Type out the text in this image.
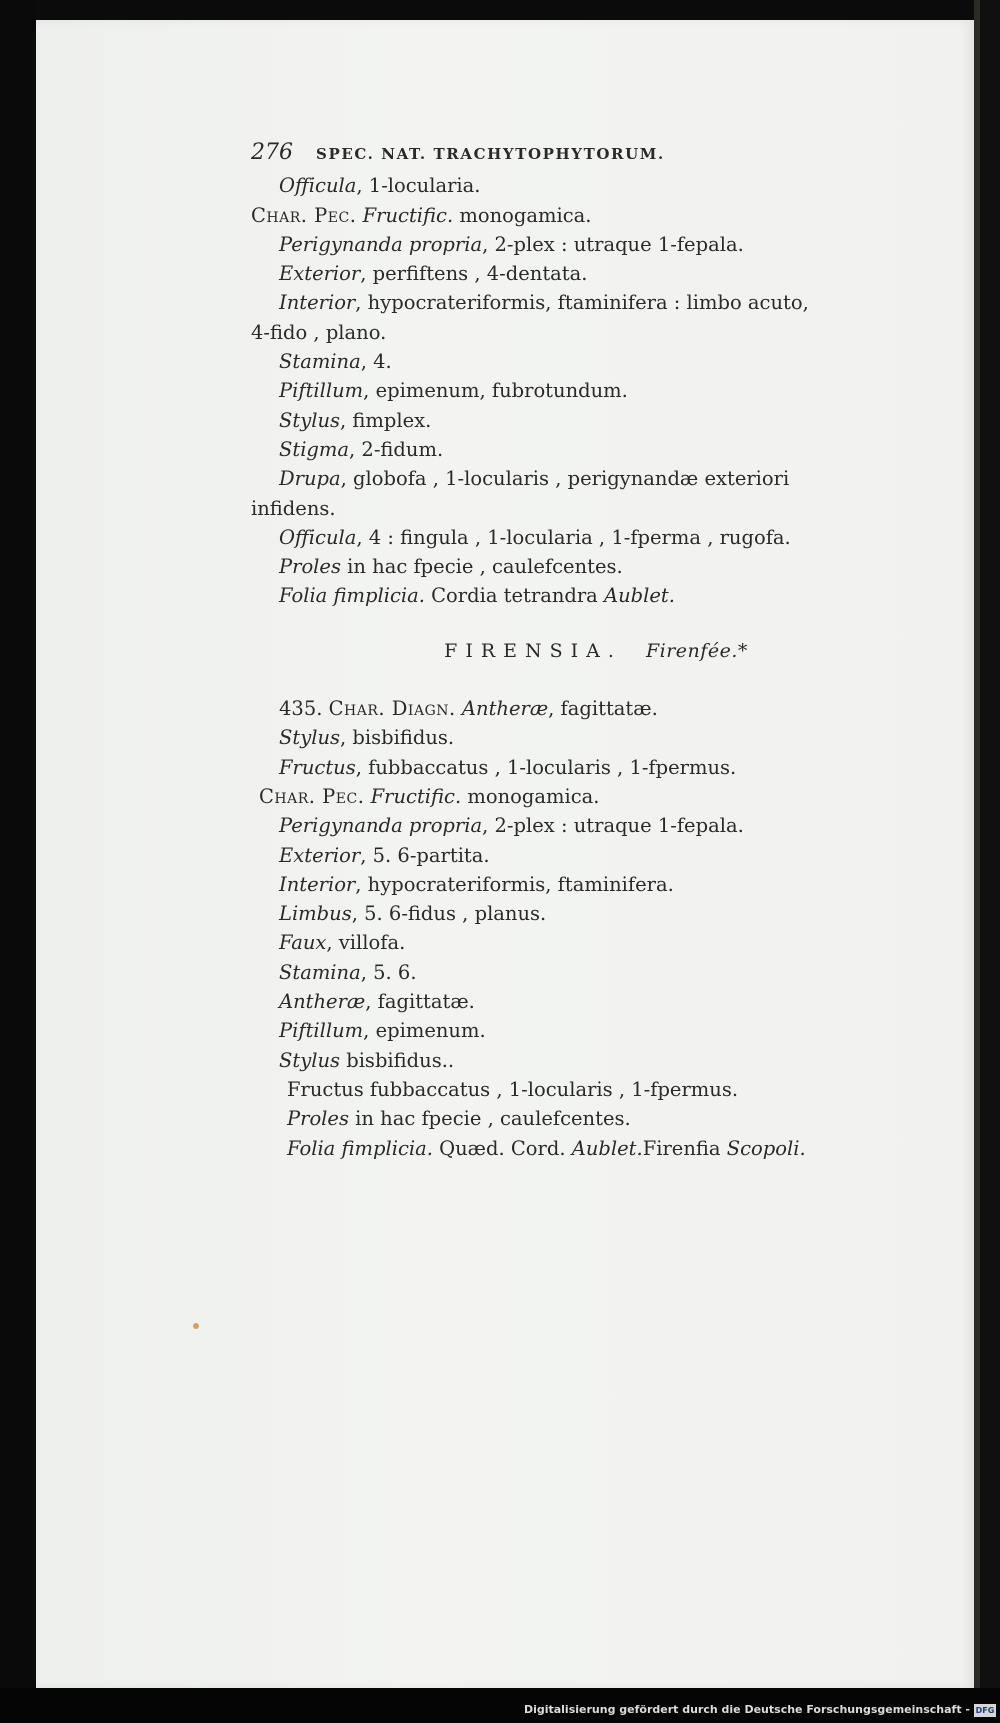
276 SPEC. NAT. TRACHYTOPHYTORUM.
Officula, 1-locularia.
Char. Pec. Fructific. monogamica.
Perigynanda propria, 2-plex : utraque 1-fepala.
Exterior, perfiftens , 4-dentata.
Interior, hypocrateriformis, ftaminifera : limbo acuto,
4-fido , plano.
Stamina, 4.
Piftillum, epimenum, fubrotundum.
Stylus, fimplex.
Stigma, 2-fidum.
Drupa, globofa , 1-locularis , perigynandæ exteriori
infidens.
Officula, 4 : fingula , 1-locularia , 1-fperma , rugofa.
Proles in hac fpecie , caulefcentes.
Folia fimplicia. Cordia tetrandra Aublet.
FIRENSIA. Firenfée.*
435. Char. Diagn. Antheræ, fagittatæ.
Stylus, bisbifidus.
Fructus, fubbaccatus , 1-locularis , 1-fpermus.
Char. Pec. Fructific. monogamica.
Perigynanda propria, 2-plex : utraque 1-fepala.
Exterior, 5. 6-partita.
Interior, hypocrateriformis, ftaminifera.
Limbus, 5. 6-fidus , planus.
Faux, villofa.
Stamina, 5. 6.
Antheræ, fagittatæ.
Piftillum, epimenum.
Stylus bisbifidus..
Fructus fubbaccatus , 1-locularis , 1-fpermus.
Proles in hac fpecie , caulefcentes.
Folia fimplicia. Quæd. Cord. Aublet.Firenfia Scopoli.
Digitalisierung gefördert durch die Deutsche Forschungsgemeinschaft - DFG
